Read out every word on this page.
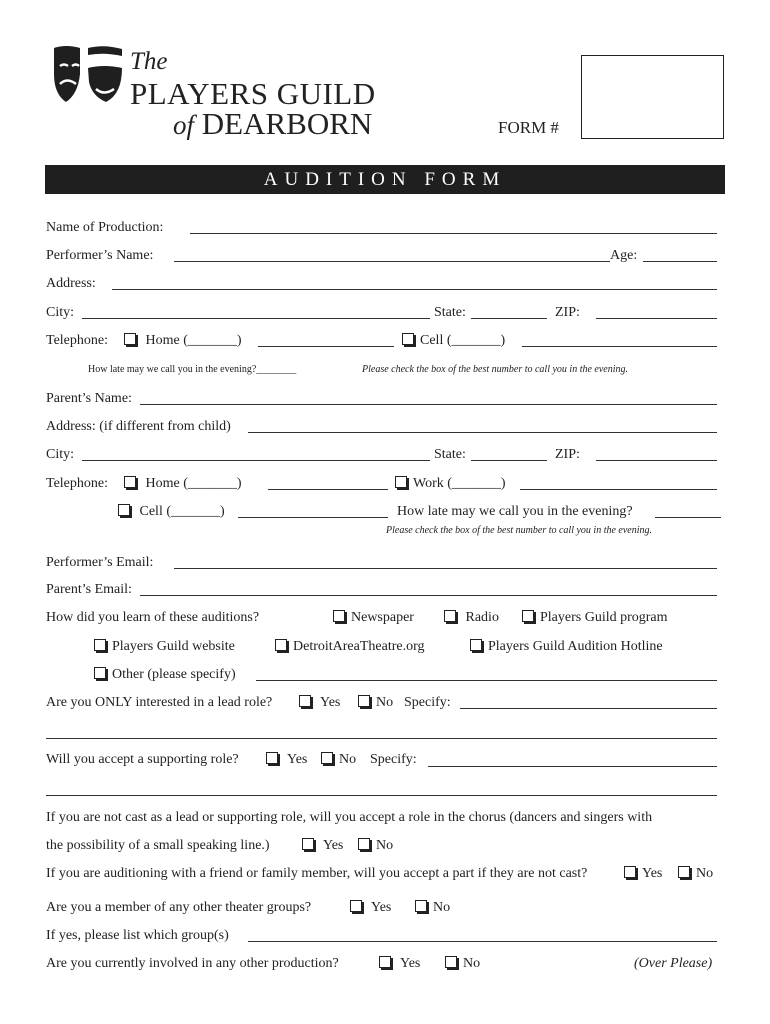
The
PLAYERS GUILD
of DEARBORN	FORM #
AUDITION FORM
Name of Production:
Performer’s Name:	Age:
Address:
City:	State:	ZIP:
Telephone:	Home (_______)	Cell (_______)
How late may we call you in the evening?________	Please check the box of the best number to call you in the evening.
Parent’s Name:
Address: (if different from child)
City:	State:	ZIP:
Telephone:	Home (_______)	Work (_______)
Cell (_______)	How late may we call you in the evening?
Please check the box of the best number to call you in the evening.
Performer’s Email:
Parent’s Email:
How did you learn of these auditions?	Newspaper	Radio	Players Guild program
Players Guild website	DetroitAreaTheatre.org	Players Guild Audition Hotline
Other (please specify)
Are you ONLY interested in a lead role?	Yes	No Specify:
Will you accept a supporting role?	Yes	No Specify:
If you are not cast as a lead or supporting role, will you accept a role in the chorus (dancers and singers with
the possibility of a small speaking line.)	Yes	No
If you are auditioning with a friend or family member, will you accept a part if they are not cast?	Yes	No
Are you a member of any other theater groups?	Yes	No
If yes, please list which group(s)
Are you currently involved in any other production?	Yes	No	(Over Please)
